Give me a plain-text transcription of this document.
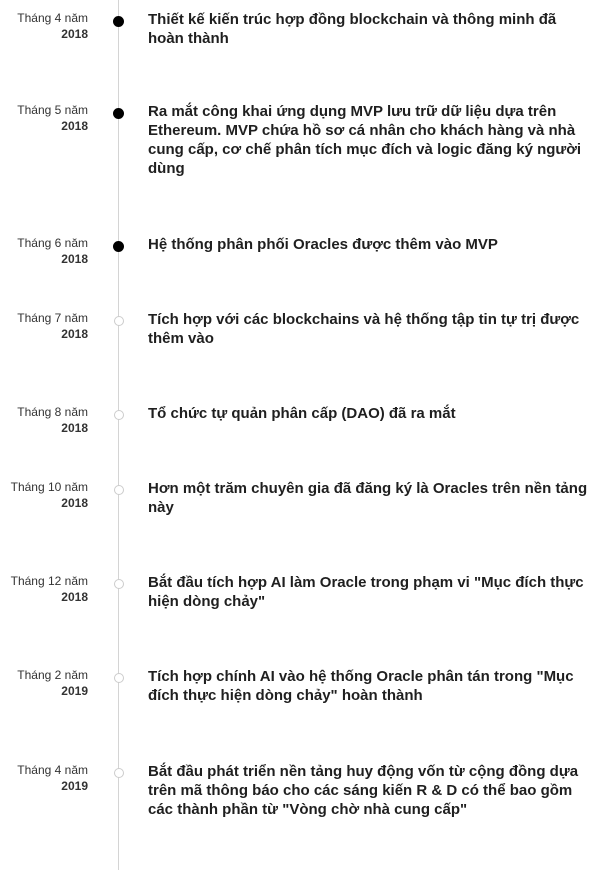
Tháng 4 năm
2018
Thiết kế kiến trúc hợp đồng blockchain và thông minh đã hoàn thành
Tháng 5 năm
2018
Ra mắt công khai ứng dụng MVP lưu trữ dữ liệu dựa trên Ethereum. MVP chứa hồ sơ cá nhân cho khách hàng và nhà cung cấp, cơ chế phân tích mục đích và logic đăng ký người dùng
Tháng 6 năm
2018
Hệ thống phân phối Oracles được thêm vào MVP
Tháng 7 năm
2018
Tích hợp với các blockchains và hệ thống tập tin tự trị được thêm vào
Tháng 8 năm
2018
Tổ chức tự quản phân cấp (DAO) đã ra mắt
Tháng 10 năm
2018
Hơn một trăm chuyên gia đã đăng ký là Oracles trên nền tảng này
Tháng 12 năm
2018
Bắt đầu tích hợp AI làm Oracle trong phạm vi "Mục đích thực hiện dòng chảy"
Tháng 2 năm
2019
Tích hợp chính AI vào hệ thống Oracle phân tán trong "Mục đích thực hiện dòng chảy" hoàn thành
Tháng 4 năm
2019
Bắt đầu phát triển nền tảng huy động vốn từ cộng đồng dựa trên mã thông báo cho các sáng kiến R & D có thể bao gồm các thành phần từ "Vòng chờ nhà cung cấp"
